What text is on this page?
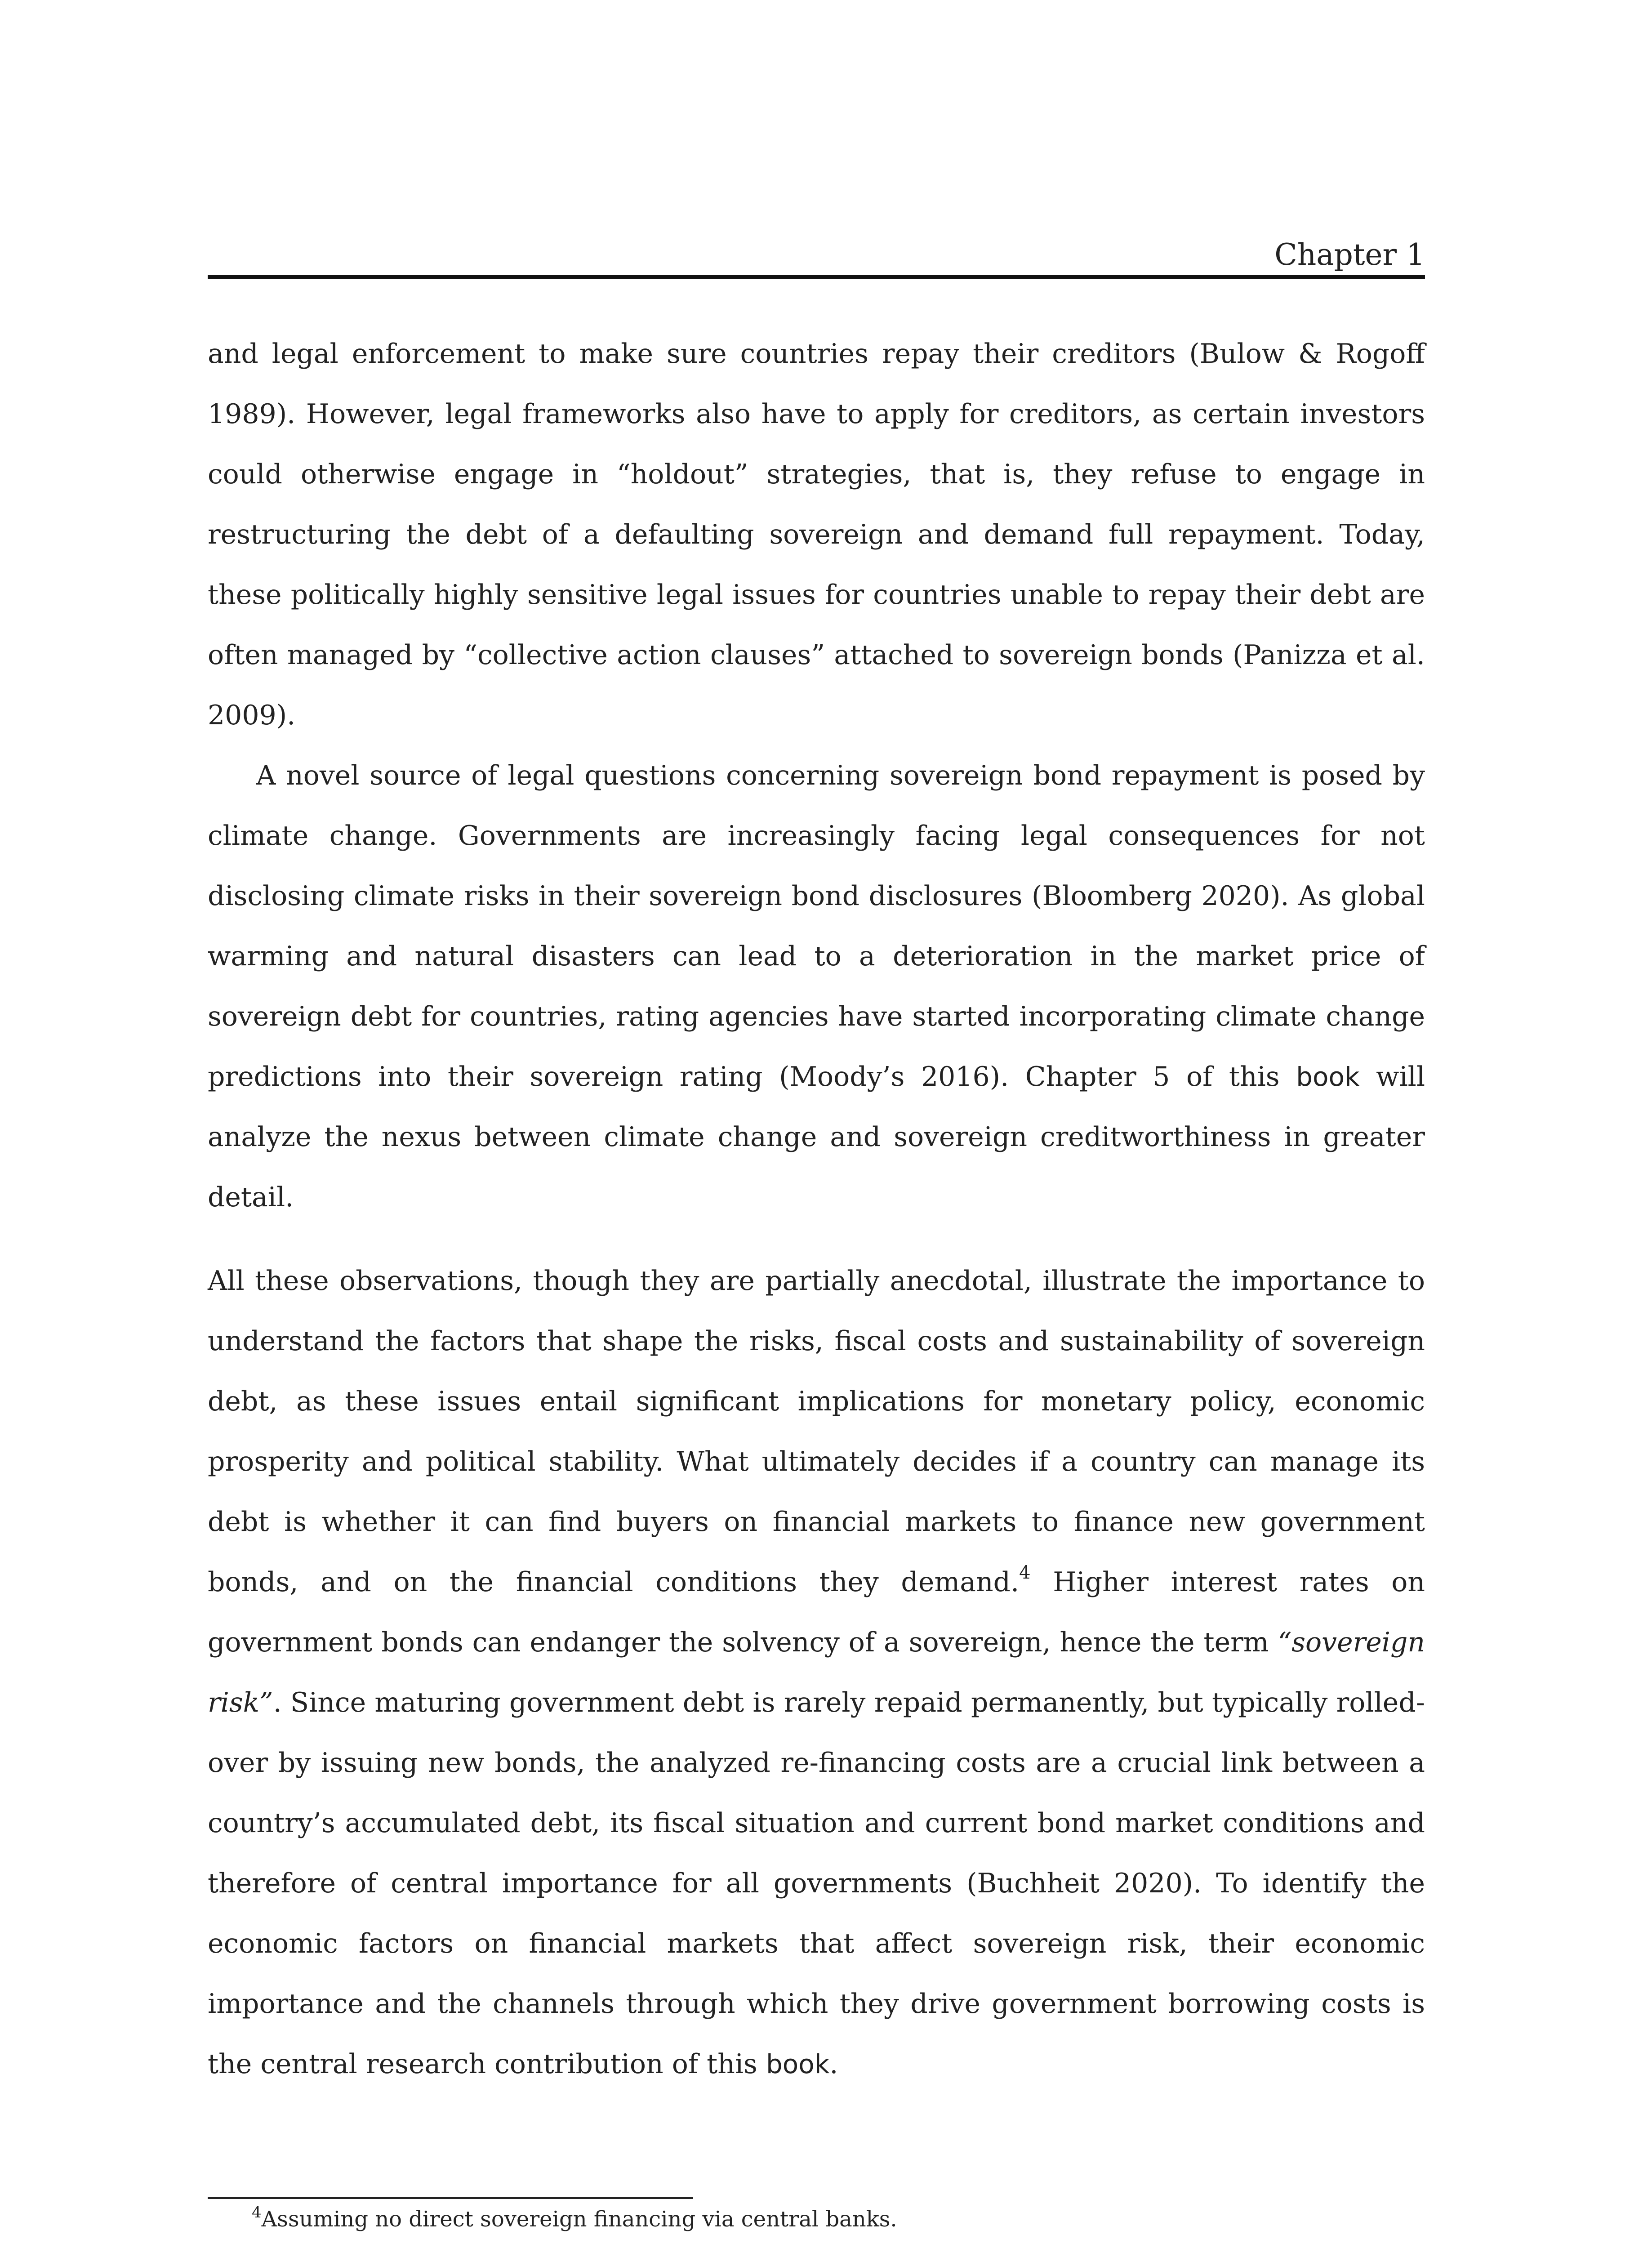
Chapter 1

and legal enforcement to make sure countries repay their creditors (Bulow & Rogoff 1989). However, legal frameworks also have to apply for creditors, as certain investors could otherwise engage in “holdout” strategies, that is, they refuse to engage in restructuring the debt of a defaulting sovereign and demand full repayment. Today, these politically highly sensitive legal issues for countries unable to repay their debt are often managed by “collective action clauses” attached to sovereign bonds (Panizza et al. 2009).

A novel source of legal questions concerning sovereign bond repayment is posed by climate change. Governments are increasingly facing legal consequences for not disclosing climate risks in their sovereign bond disclosures (Bloomberg 2020). As global warming and natural disasters can lead to a deterioration in the market price of sovereign debt for countries, rating agencies have started incorporating climate change predictions into their sovereign rating (Moody’s 2016). Chapter 5 of this book will analyze the nexus between climate change and sovereign creditworthiness in greater detail.

All these observations, though they are partially anecdotal, illustrate the importance to understand the factors that shape the risks, fiscal costs and sustainability of sovereign debt, as these issues entail significant implications for monetary policy, economic prosperity and political stability. What ultimately decides if a country can manage its debt is whether it can find buyers on financial markets to finance new government bonds, and on the financial conditions they demand.$^4$ Higher interest rates on government bonds can endanger the solvency of a sovereign, hence the term “sovereign risk”. Since maturing government debt is rarely repaid permanently, but typically rolled-over by issuing new bonds, the analyzed re-financing costs are a crucial link between a country’s accumulated debt, its fiscal situation and current bond market conditions and therefore of central importance for all governments (Buchheit 2020). To identify the economic factors on financial markets that affect sovereign risk, their economic importance and the channels through which they drive government borrowing costs is the central research contribution of this book.

$^4$Assuming no direct sovereign financing via central banks.
